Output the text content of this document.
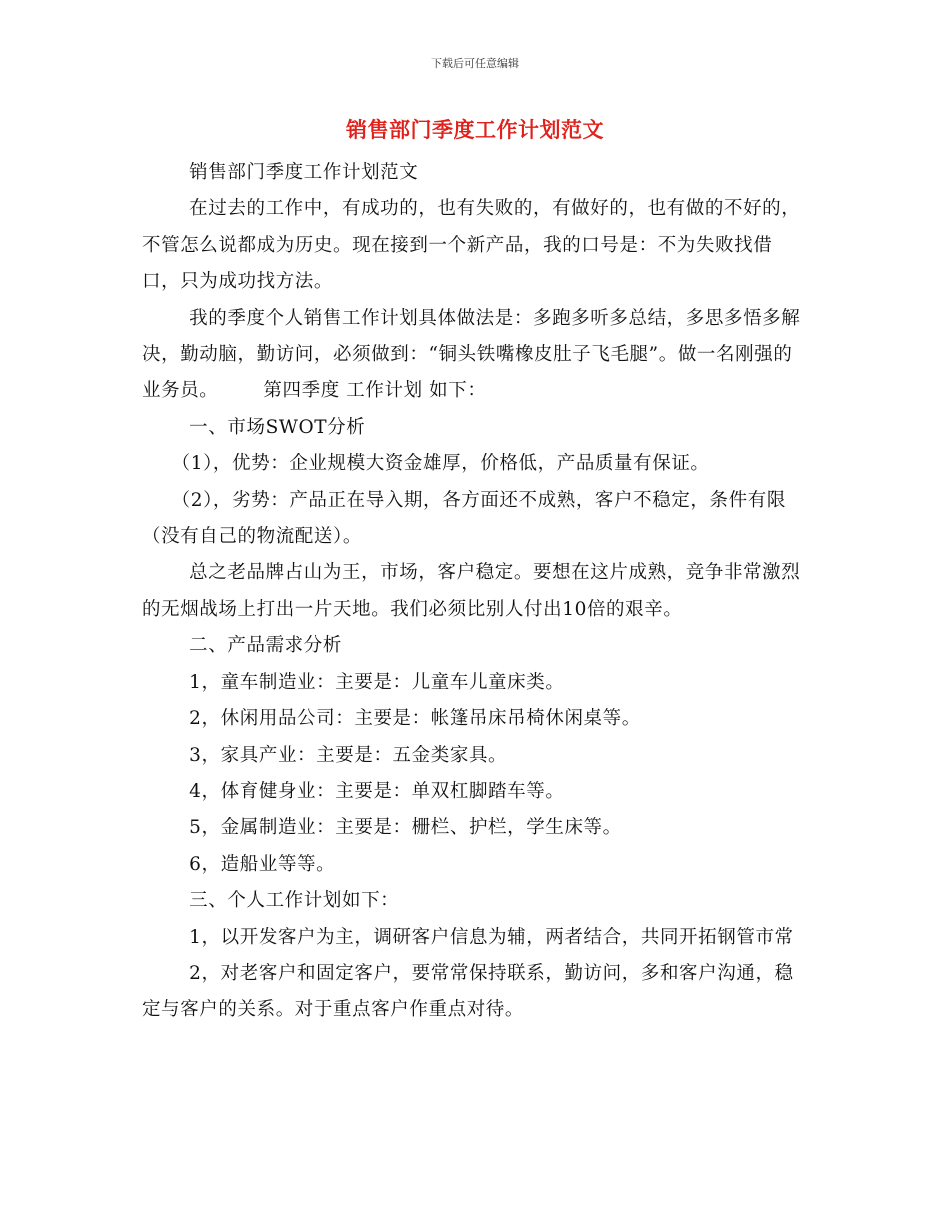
下载后可任意编辑
销售部门季度工作计划范文

销售部门季度工作计划范文

在过去的工作中，有成功的，也有失败的，有做好的，也有做的不好的，不管怎么说都成为历史。现在接到一个新产品，我的口号是：不为失败找借口，只为成功找方法。

我的季度个人销售工作计划具体做法是：多跑多听多总结，多思多悟多解决，勤动脑，勤访问，必须做到：“铜头铁嘴橡皮肚子飞毛腿”。做一名刚强的业务员。 第四季度 工作计划 如下：

一、市场SWOT分析

（1），优势：企业规模大资金雄厚，价格低，产品质量有保证。

（2），劣势：产品正在导入期，各方面还不成熟，客户不稳定，条件有限（没有自己的物流配送）。

总之老品牌占山为王，市场，客户稳定。要想在这片成熟，竞争非常激烈的无烟战场上打出一片天地。我们必须比别人付出10倍的艰辛。

二、产品需求分析

1，童车制造业：主要是：儿童车儿童床类。

2，休闲用品公司：主要是：帐篷吊床吊椅休闲桌等。

3，家具产业：主要是：五金类家具。

4，体育健身业：主要是：单双杠脚踏车等。

5，金属制造业：主要是：栅栏、护栏，学生床等。

6，造船业等等。

三、个人工作计划如下：

1，以开发客户为主，调研客户信息为辅，两者结合，共同开拓钢管市常

2，对老客户和固定客户，要常常保持联系，勤访问，多和客户沟通，稳定与客户的关系。对于重点客户作重点对待。
